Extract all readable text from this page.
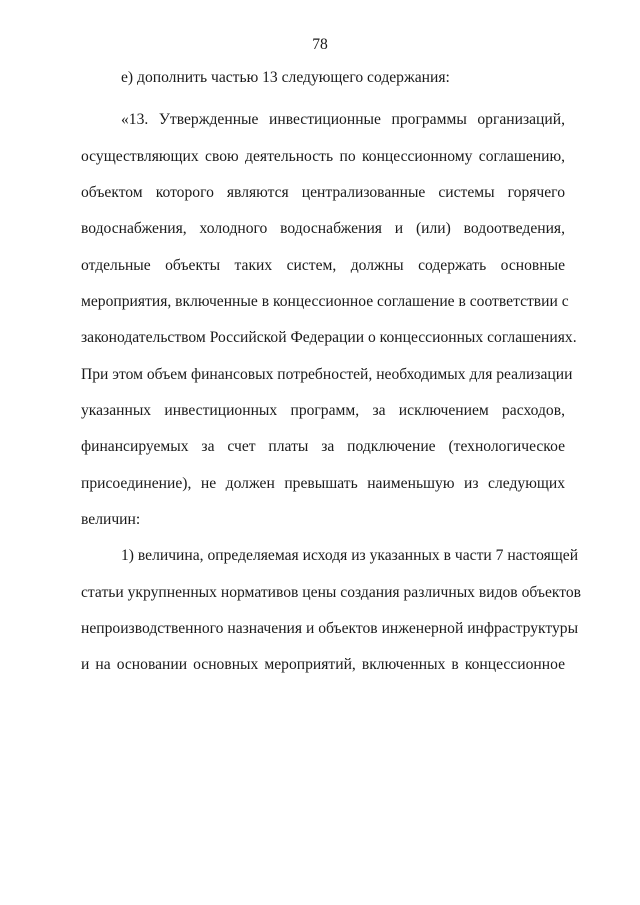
78
е) дополнить частью 13 следующего содержания:
«13. Утвержденные инвестиционные программы организаций,
осуществляющих свою деятельность по концессионному соглашению,
объектом которого являются централизованные системы горячего
водоснабжения, холодного водоснабжения и (или) водоотведения,
отдельные объекты таких систем, должны содержать основные
мероприятия, включенные в концессионное соглашение в соответствии с
законодательством Российской Федерации о концессионных соглашениях.
При этом объем финансовых потребностей, необходимых для реализации
указанных инвестиционных программ, за исключением расходов,
финансируемых за счет платы за подключение (технологическое
присоединение), не должен превышать наименьшую из следующих
величин:
1) величина, определяемая исходя из указанных в части 7 настоящей
статьи укрупненных нормативов цены создания различных видов объектов
непроизводственного назначения и объектов инженерной инфраструктуры
и на основании основных мероприятий, включенных в концессионное
